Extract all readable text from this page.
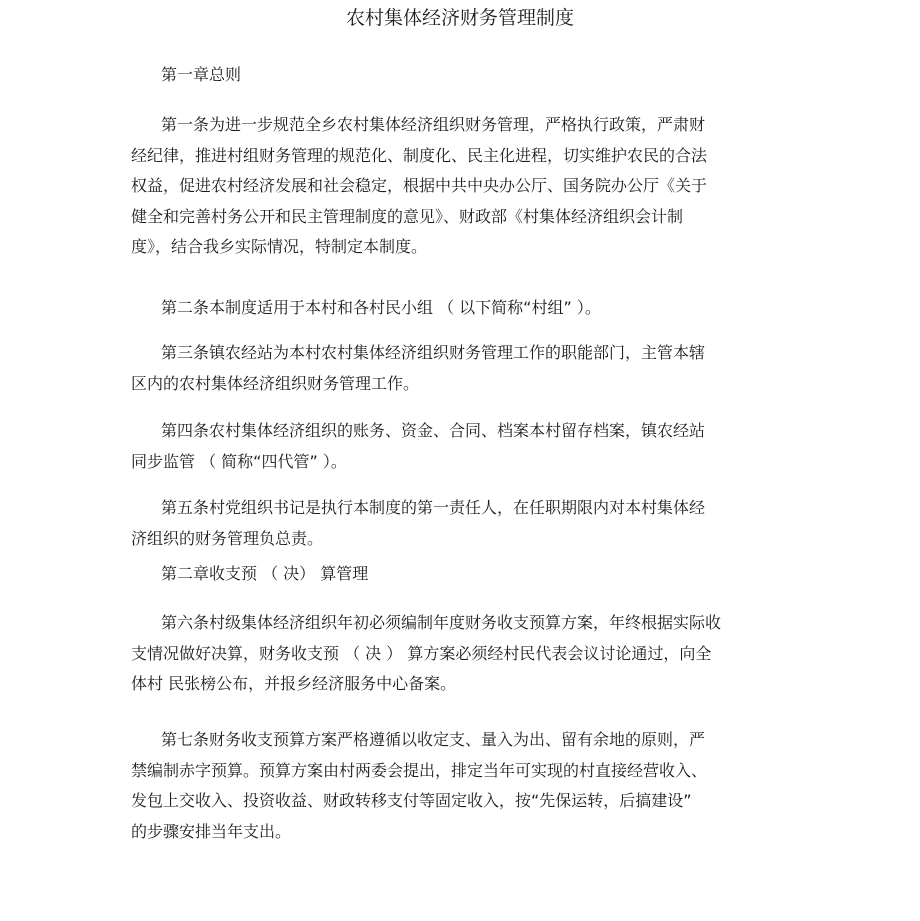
农村集体经济财务管理制度
第一章总则
第一条为进一步规范全乡农村集体经济组织财务管理，严格执行政策，严肃财
经纪律，推进村组财务管理的规范化、制度化、民主化进程，切实维护农民的合法
权益，促进农村经济发展和社会稳定，根据中共中央办公厅、国务院办公厅《关于
健全和完善村务公开和民主管理制度的意见》、财政部《村集体经济组织会计制
度》，结合我乡实际情况，特制定本制度。
第二条本制度适用于本村和各村民小组 （ 以下简称“村组” ）。
第三条镇农经站为本村农村集体经济组织财务管理工作的职能部门，主管本辖
区内的农村集体经济组织财务管理工作。
第四条农村集体经济组织的账务、资金、合同、档案本村留存档案，镇农经站
同步监管 （ 简称“四代管” ）。
第五条村党组织书记是执行本制度的第一责任人，在任职期限内对本村集体经
济组织的财务管理负总责。
第二章收支预 （ 决） 算管理
第六条村级集体经济组织年初必须编制年度财务收支预算方案，年终根据实际收
支情况做好决算，财务收支预 （ 决 ） 算方案必须经村民代表会议讨论通过，向全
体村 民张榜公布，并报乡经济服务中心备案。
第七条财务收支预算方案严格遵循以收定支、量入为出、留有余地的原则，严
禁编制赤字预算。预算方案由村两委会提出，排定当年可实现的村直接经营收入、
发包上交收入、投资收益、财政转移支付等固定收入，按“先保运转，后搞建设”
的步骤安排当年支出。
